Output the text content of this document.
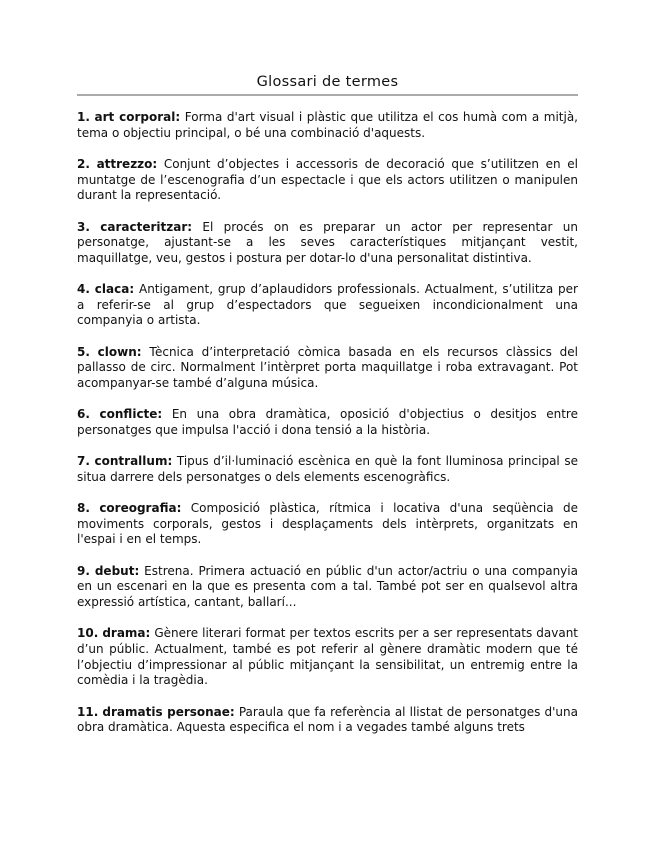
Glossari de termes

1. art corporal: Forma d'art visual i plàstic que utilitza el cos humà com a mitjà, tema o objectiu principal, o bé una combinació d'aquests.

2. attrezzo: Conjunt d’objectes i accessoris de decoració que s’utilitzen en el muntatge de l’escenografia d’un espectacle i que els actors utilitzen o manipulen durant la representació.

3. caracteritzar: El procés on es preparar un actor per representar un personatge, ajustant-se a les seves característiques mitjançant vestit, maquillatge, veu, gestos i postura per dotar-lo d'una personalitat distintiva.

4. claca: Antigament, grup d’aplaudidors professionals. Actualment, s’utilitza per a referir-se al grup d’espectadors que segueixen incondicionalment una companyia o artista.

5. clown: Tècnica d’interpretació còmica basada en els recursos clàssics del pallasso de circ. Normalment l’intèrpret porta maquillatge i roba extravagant. Pot acompanyar-se també d’alguna música.

6. conflicte: En una obra dramàtica, oposició d'objectius o desitjos entre personatges que impulsa l'acció i dona tensió a la història.

7. contrallum: Tipus d’il·luminació escènica en què la font lluminosa principal se situa darrere dels personatges o dels elements escenogràfics.

8. coreografia: Composició plàstica, rítmica i locativa d'una seqüència de moviments corporals, gestos i desplaçaments dels intèrprets, organitzats en l'espai i en el temps.

9. debut: Estrena. Primera actuació en públic d'un actor/actriu o una companyia en un escenari en la que es presenta com a tal. També pot ser en qualsevol altra expressió artística, cantant, ballarí...

10. drama: Gènere literari format per textos escrits per a ser representats davant d’un públic. Actualment, també es pot referir al gènere dramàtic modern que té l’objectiu d’impressionar al públic mitjançant la sensibilitat, un entremig entre la comèdia i la tragèdia.

11. dramatis personae: Paraula que fa referència al llistat de personatges d'una obra dramàtica. Aquesta especifica el nom i a vegades també alguns trets
